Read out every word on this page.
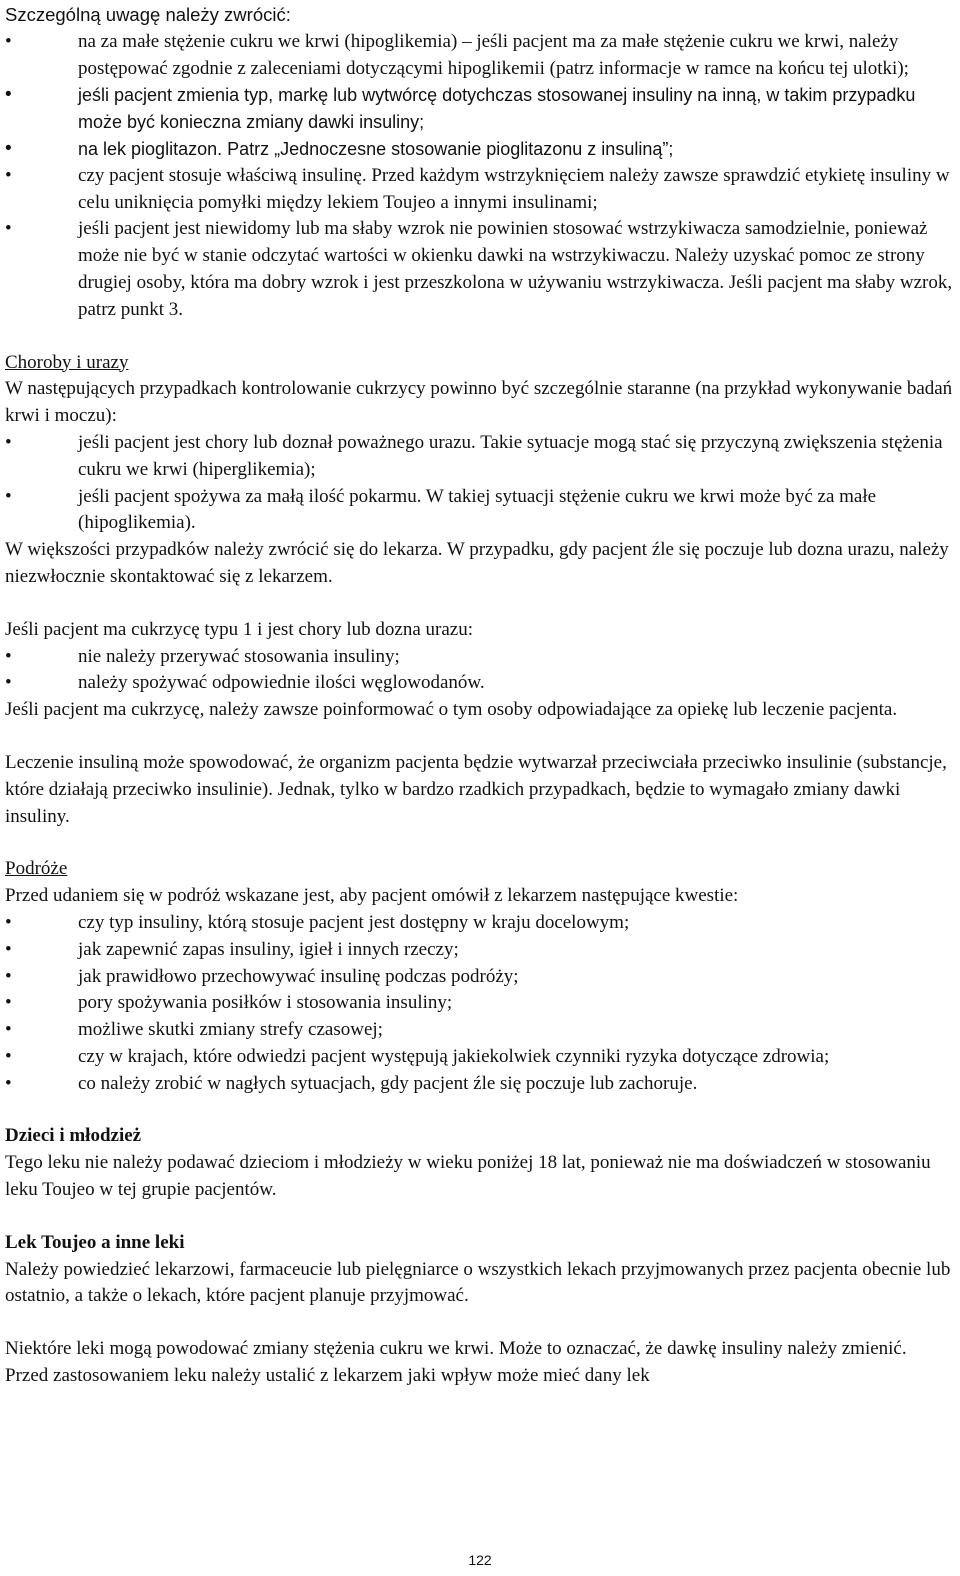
Szczególną uwagę należy zwrócić:

• na za małe stężenie cukru we krwi (hipoglikemia) – jeśli pacjent ma za małe stężenie cukru we krwi, należy postępować zgodnie z zaleceniami dotyczącymi hipoglikemii (patrz informacje w ramce na końcu tej ulotki);
• jeśli pacjent zmienia typ, markę lub wytwórcę dotychczas stosowanej insuliny na inną, w takim przypadku może być konieczna zmiany dawki insuliny;
• na lek pioglitazon. Patrz „Jednoczesne stosowanie pioglitazonu z insuliną”;
• czy pacjent stosuje właściwą insulinę. Przed każdym wstrzyknięciem należy zawsze sprawdzić etykietę insuliny w celu uniknięcia pomyłki między lekiem Toujeo a innymi insulinami;
• jeśli pacjent jest niewidomy lub ma słaby wzrok nie powinien stosować wstrzykiwacza samodzielnie, ponieważ może nie być w stanie odczytać wartości w okienku dawki na wstrzykiwaczu. Należy uzyskać pomoc ze strony drugiej osoby, która ma dobry wzrok i jest przeszkolona w używaniu wstrzykiwacza. Jeśli pacjent ma słaby wzrok, patrz punkt 3.

Choroby i urazy

W następujących przypadkach kontrolowanie cukrzycy powinno być szczególnie staranne (na przykład wykonywanie badań krwi i moczu):

• jeśli pacjent jest chory lub doznał poważnego urazu. Takie sytuacje mogą stać się przyczyną zwiększenia stężenia cukru we krwi (hiperglikemia);
• jeśli pacjent spożywa za małą ilość pokarmu. W takiej sytuacji stężenie cukru we krwi może być za małe (hipoglikemia).

W większości przypadków należy zwrócić się do lekarza. W przypadku, gdy pacjent źle się poczuje lub dozna urazu, należy niezwłocznie skontaktować się z lekarzem.

Jeśli pacjent ma cukrzycę typu 1 i jest chory lub dozna urazu:

• nie należy przerywać stosowania insuliny;
• należy spożywać odpowiednie ilości węglowodanów.

Jeśli pacjent ma cukrzycę, należy zawsze poinformować o tym osoby odpowiadające za opiekę lub leczenie pacjenta.

Leczenie insuliną może spowodować, że organizm pacjenta będzie wytwarzał przeciwciała przeciwko insulinie (substancje, które działają przeciwko insulinie). Jednak, tylko w bardzo rzadkich przypadkach, będzie to wymagało zmiany dawki insuliny.

Podróże

Przed udaniem się w podróż wskazane jest, aby pacjent omówił z lekarzem następujące kwestie:

• czy typ insuliny, którą stosuje pacjent jest dostępny w kraju docelowym;
• jak zapewnić zapas insuliny, igieł i innych rzeczy;
• jak prawidłowo przechowywać insulinę podczas podróży;
• pory spożywania posiłków i stosowania insuliny;
• możliwe skutki zmiany strefy czasowej;
• czy w krajach, które odwiedzi pacjent występują jakiekolwiek czynniki ryzyka dotyczące zdrowia;
• co należy zrobić w nagłych sytuacjach, gdy pacjent źle się poczuje lub zachoruje.

Dzieci i młodzież

Tego leku nie należy podawać dzieciom i młodzieży w wieku poniżej 18 lat, ponieważ nie ma doświadczeń w stosowaniu leku Toujeo w tej grupie pacjentów.

Lek Toujeo a inne leki

Należy powiedzieć lekarzowi, farmaceucie lub pielęgniarce o wszystkich lekach przyjmowanych przez pacjenta obecnie lub ostatnio, a także o lekach, które pacjent planuje przyjmować.

Niektóre leki mogą powodować zmiany stężenia cukru we krwi. Może to oznaczać, że dawkę insuliny należy zmienić. Przed zastosowaniem leku należy ustalić z lekarzem jaki wpływ może mieć dany lek

122
